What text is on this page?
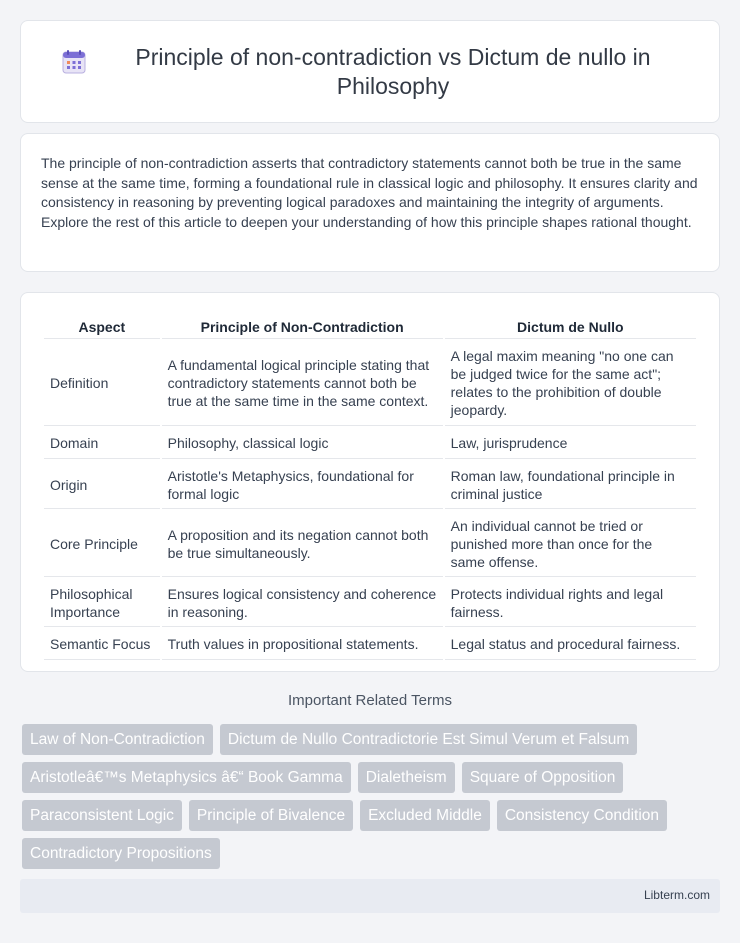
Principle of non-contradiction vs Dictum de nullo in Philosophy

The principle of non-contradiction asserts that contradictory statements cannot both be true in the same sense at the same time, forming a foundational rule in classical logic and philosophy. It ensures clarity and consistency in reasoning by preventing logical paradoxes and maintaining the integrity of arguments. Explore the rest of this article to deepen your understanding of how this principle shapes rational thought.

Aspect	Principle of Non-Contradiction	Dictum de Nullo
Definition	A fundamental logical principle stating that contradictory statements cannot both be true at the same time in the same context.	A legal maxim meaning "no one can be judged twice for the same act"; relates to the prohibition of double jeopardy.
Domain	Philosophy, classical logic	Law, jurisprudence
Origin	Aristotle's Metaphysics, foundational for formal logic	Roman law, foundational principle in criminal justice
Core Principle	A proposition and its negation cannot both be true simultaneously.	An individual cannot be tried or punished more than once for the same offense.
Philosophical Importance	Ensures logical consistency and coherence in reasoning.	Protects individual rights and legal fairness.
Semantic Focus	Truth values in propositional statements.	Legal status and procedural fairness.
Important Related Terms
Law of Non-Contradiction	Dictum de Nullo Contradictorie Est Simul Verum et Falsum
Aristotleâ€™s Metaphysics â€“ Book Gamma	Dialetheism	Square of Opposition
Paraconsistent Logic	Principle of Bivalence	Excluded Middle	Consistency Condition
Contradictory Propositions
Libterm.com
